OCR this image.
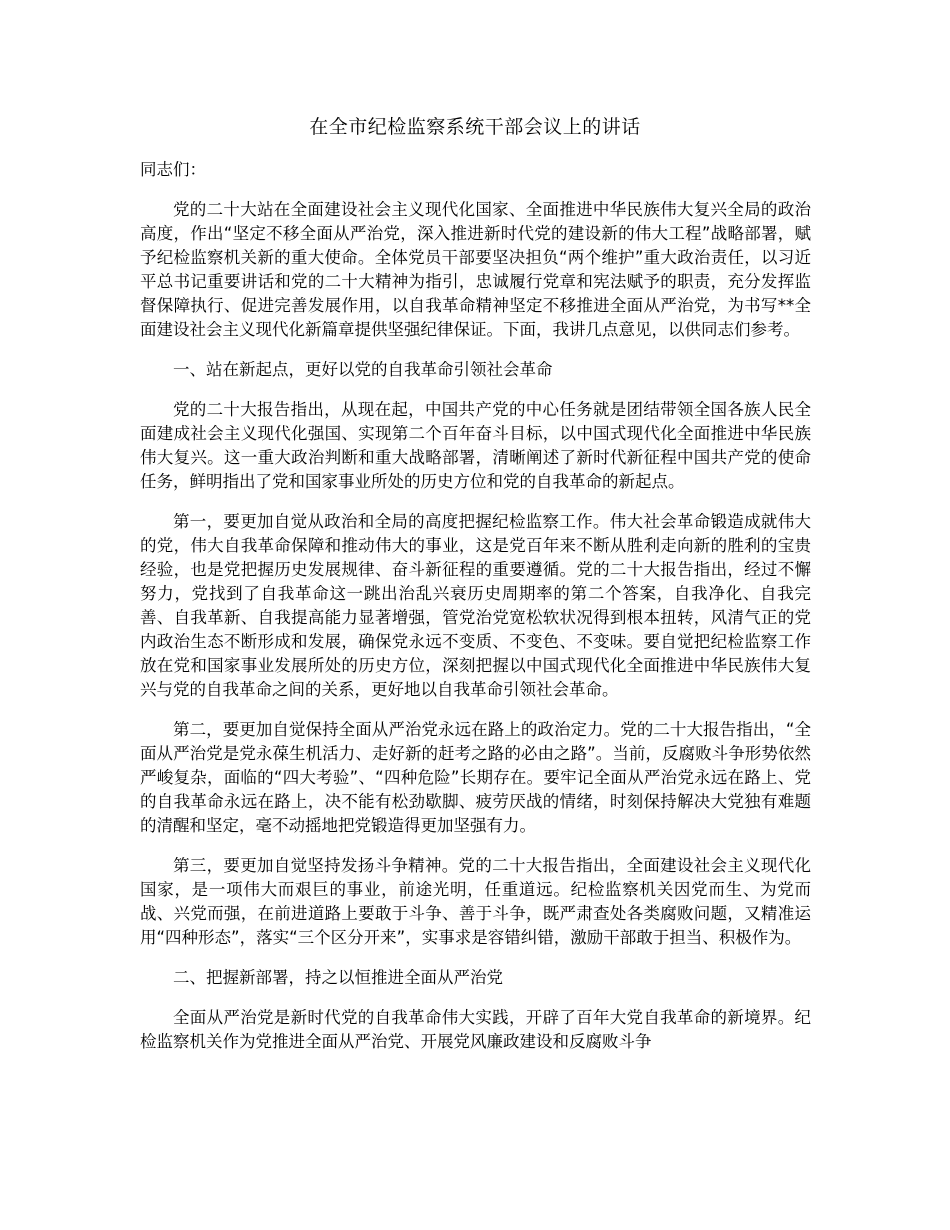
在全市纪检监察系统干部会议上的讲话
同志们：

党的二十大站在全面建设社会主义现代化国家、全面推进中华民族伟大复兴全局的政治高度，作出“坚定不移全面从严治党，深入推进新时代党的建设新的伟大工程”战略部署，赋予纪检监察机关新的重大使命。全体党员干部要坚决担负“两个维护”重大政治责任，以习近平总书记重要讲话和党的二十大精神为指引，忠诚履行党章和宪法赋予的职责，充分发挥监督保障执行、促进完善发展作用，以自我革命精神坚定不移推进全面从严治党，为书写**全面建设社会主义现代化新篇章提供坚强纪律保证。下面，我讲几点意见，以供同志们参考。

一、站在新起点，更好以党的自我革命引领社会革命

党的二十大报告指出，从现在起，中国共产党的中心任务就是团结带领全国各族人民全面建成社会主义现代化强国、实现第二个百年奋斗目标，以中国式现代化全面推进中华民族伟大复兴。这一重大政治判断和重大战略部署，清晰阐述了新时代新征程中国共产党的使命任务，鲜明指出了党和国家事业所处的历史方位和党的自我革命的新起点。

第一，要更加自觉从政治和全局的高度把握纪检监察工作。伟大社会革命锻造成就伟大的党，伟大自我革命保障和推动伟大的事业，这是党百年来不断从胜利走向新的胜利的宝贵经验，也是党把握历史发展规律、奋斗新征程的重要遵循。党的二十大报告指出，经过不懈努力，党找到了自我革命这一跳出治乱兴衰历史周期率的第二个答案，自我净化、自我完善、自我革新、自我提高能力显著增强，管党治党宽松软状况得到根本扭转，风清气正的党内政治生态不断形成和发展，确保党永远不变质、不变色、不变味。要自觉把纪检监察工作放在党和国家事业发展所处的历史方位，深刻把握以中国式现代化全面推进中华民族伟大复兴与党的自我革命之间的关系，更好地以自我革命引领社会革命。

第二，要更加自觉保持全面从严治党永远在路上的政治定力。党的二十大报告指出，“全面从严治党是党永葆生机活力、走好新的赶考之路的必由之路”。当前，反腐败斗争形势依然严峻复杂，面临的“四大考验”、“四种危险”长期存在。要牢记全面从严治党永远在路上、党的自我革命永远在路上，决不能有松劲歇脚、疲劳厌战的情绪，时刻保持解决大党独有难题的清醒和坚定，毫不动摇地把党锻造得更加坚强有力。

第三，要更加自觉坚持发扬斗争精神。党的二十大报告指出，全面建设社会主义现代化国家，是一项伟大而艰巨的事业，前途光明，任重道远。纪检监察机关因党而生、为党而战、兴党而强，在前进道路上要敢于斗争、善于斗争，既严肃查处各类腐败问题，又精准运用“四种形态”，落实“三个区分开来”，实事求是容错纠错，激励干部敢于担当、积极作为。

二、把握新部署，持之以恒推进全面从严治党

全面从严治党是新时代党的自我革命伟大实践，开辟了百年大党自我革命的新境界。纪检监察机关作为党推进全面从严治党、开展党风廉政建设和反腐败斗争
